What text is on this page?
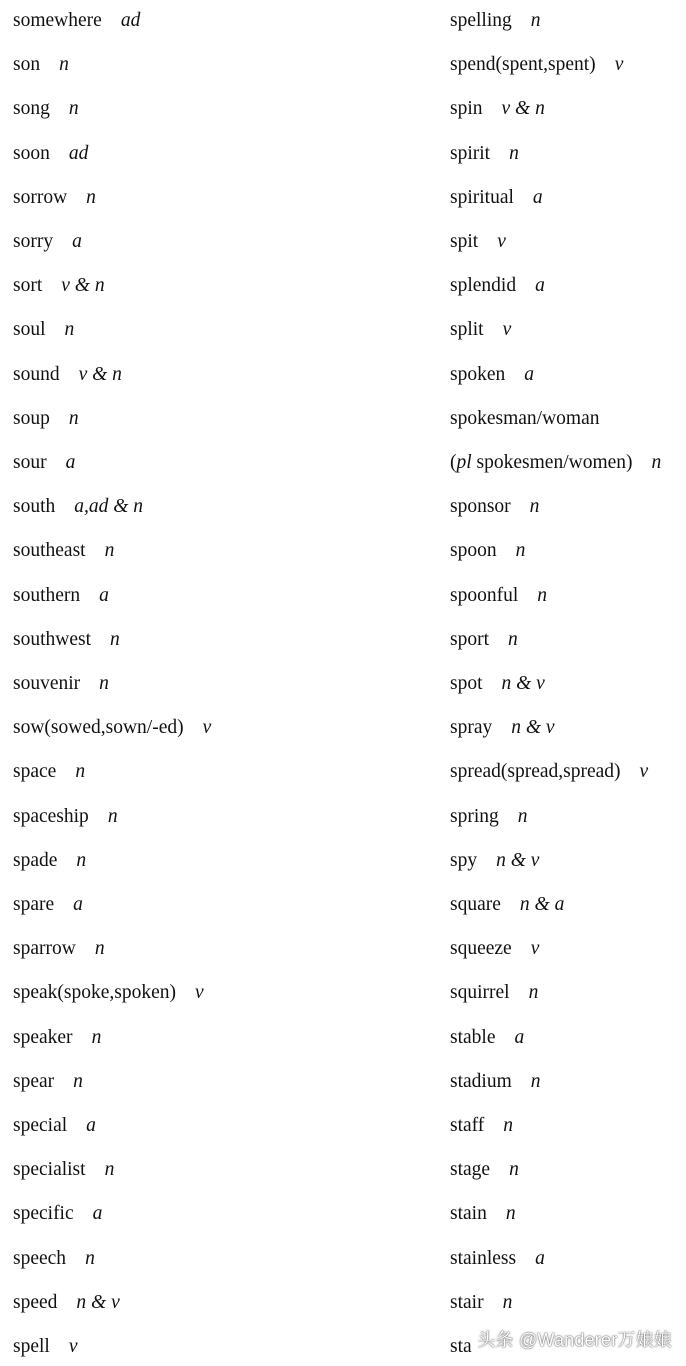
somewhere ad
son n
song n
soon ad
sorrow n
sorry a
sort v & n
soul n
sound v & n
soup n
sour a
south a,ad & n
southeast n
southern a
southwest n
souvenir n
sow(sowed,sown/-ed) v
space n
spaceship n
spade n
spare a
sparrow n
speak(spoke,spoken) v
speaker n
spear n
special a
specialist n
specific a
speech n
speed n & v
spell v
spelling n
spend(spent,spent) v
spin v & n
spirit n
spiritual a
spit v
splendid a
split v
spoken a
spokesman/woman
(pl spokesmen/women) n
sponsor n
spoon n
spoonful n
sport n
spot n & v
spray n & v
spread(spread,spread) v
spring n
spy n & v
square n & a
squeeze v
squirrel n
stable a
stadium n
staff n
stage n
stain n
stainless a
stair n
sta 头条 @Wanderer万娘娘
